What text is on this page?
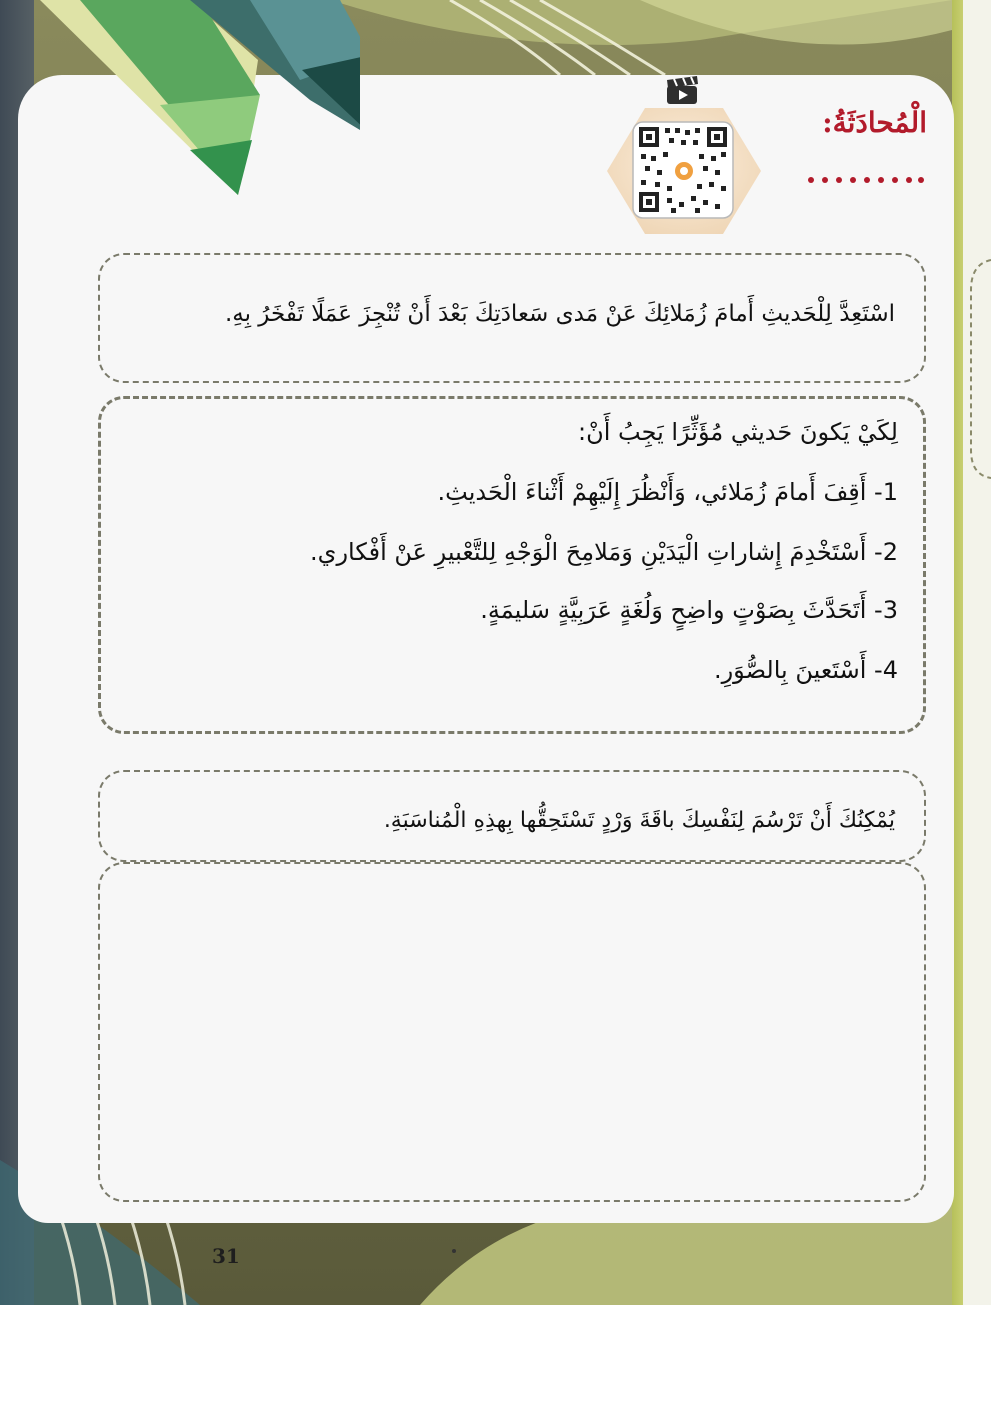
الْمُحادَثَةُ:
اسْتَعِدَّ لِلْحَديثِ أَمامَ زُمَلائِكَ عَنْ مَدى سَعادَتِكَ بَعْدَ أَنْ تُنْجِزَ عَمَلًا تَفْخَرُ بِهِ.
لِكَيْ يَكونَ حَديثي مُؤَثِّرًا يَجِبُ أَنْ:
1- أَقِفَ أَمامَ زُمَلائي، وَأَنْظُرَ إِلَيْهِمْ أَثْناءَ الْحَديثِ.
2- أَسْتَخْدِمَ إِشاراتِ الْيَدَيْنِ وَمَلامِحَ الْوَجْهِ لِلتَّعْبيرِ عَنْ أَفْكاري.
3- أَتَحَدَّثَ بِصَوْتٍ واضِحٍ وَلُغَةٍ عَرَبِيَّةٍ سَليمَةٍ.
4- أَسْتَعينَ بِالصُّوَرِ.
يُمْكِنُكَ أَنْ تَرْسُمَ لِنَفْسِكَ باقَةَ وَرْدٍ تَسْتَحِقُّها بِهذِهِ الْمُناسَبَةِ.
31
